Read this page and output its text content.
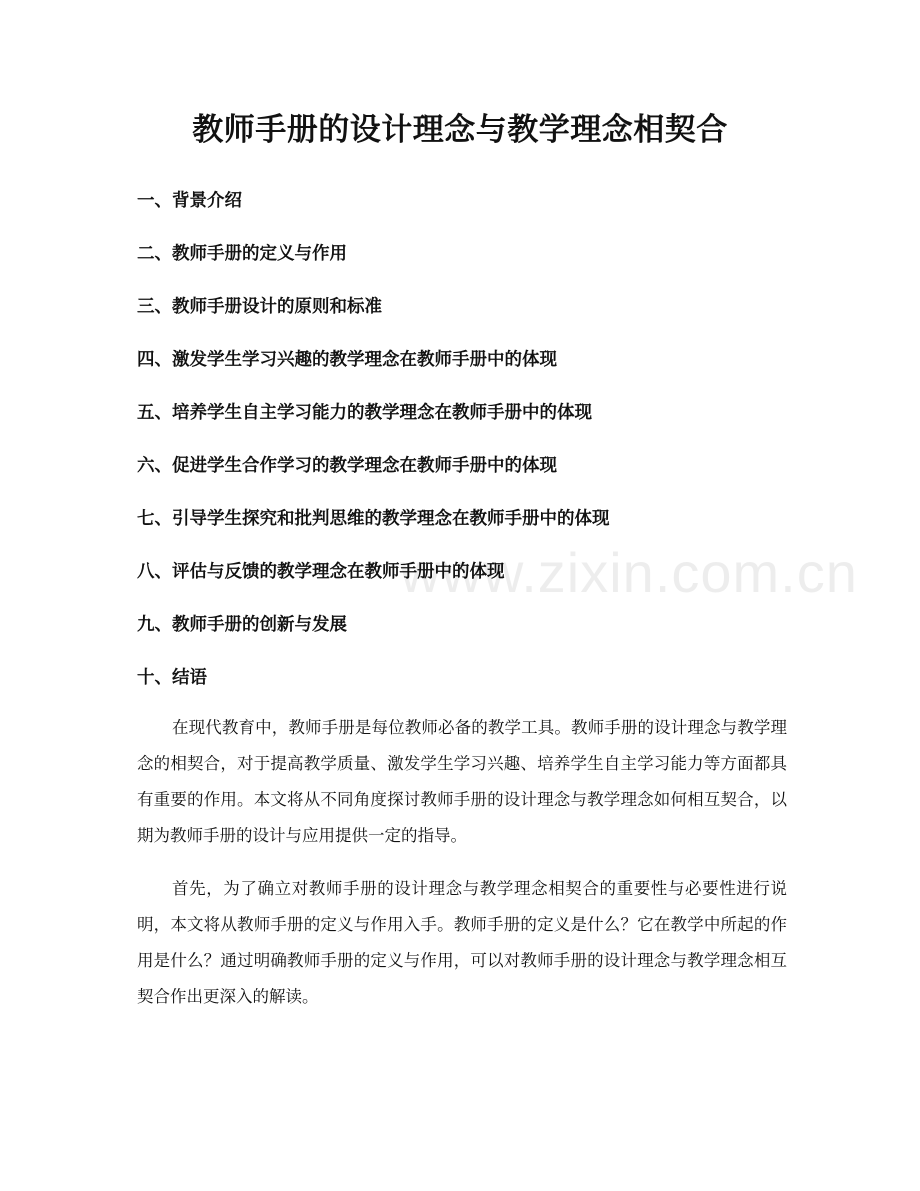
教师手册的设计理念与教学理念相契合
一、背景介绍
二、教师手册的定义与作用
三、教师手册设计的原则和标准
四、激发学生学习兴趣的教学理念在教师手册中的体现
五、培养学生自主学习能力的教学理念在教师手册中的体现
六、促进学生合作学习的教学理念在教师手册中的体现
七、引导学生探究和批判思维的教学理念在教师手册中的体现
八、评估与反馈的教学理念在教师手册中的体现
九、教师手册的创新与发展
十、结语

在现代教育中，教师手册是每位教师必备的教学工具。教师手册的设计理念与教学理念的相契合，对于提高教学质量、激发学生学习兴趣、培养学生自主学习能力等方面都具有重要的作用。本文将从不同角度探讨教师手册的设计理念与教学理念如何相互契合，以期为教师手册的设计与应用提供一定的指导。

首先，为了确立对教师手册的设计理念与教学理念相契合的重要性与必要性进行说明，本文将从教师手册的定义与作用入手。教师手册的定义是什么？它在教学中所起的作用是什么？通过明确教师手册的定义与作用，可以对教师手册的设计理念与教学理念相互契合作出更深入的解读。

www.zixin.com.cn
